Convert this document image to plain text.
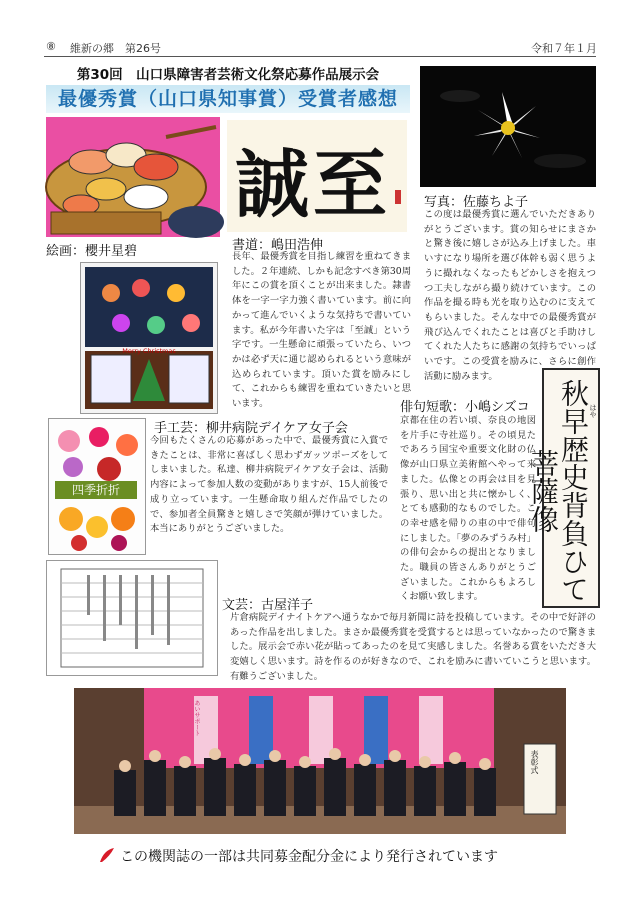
⑧ 維新の郷　第26号	令和７年１月
第30回　山口県障害者芸術文化祭応募作品展示会
最優秀賞（山口県知事賞）受賞者感想
絵画：櫻井星碧
誠至
書道：嶋田浩伸
長年、最優秀賞を目指し練習を重ねてきました。２年連続、しかも記念すべき第30周年にこの賞を頂くことが出来ました。隷書体を一字一字力強く書いています。前に向かって進んでいくような気持ちで書いています。私が今年書いた字は「至誠」という字です。一生懸命に頑張っていたら、いつかは必ず天に通じ認められるという意味が込められています。頂いた賞を励みにして、これからも練習を重ねていきたいと思います。
写真：佐藤ちよ子
この度は最優秀賞に選んでいただきありがとうございます。賞の知らせにまさかと驚き後に嬉しさが込み上げました。車いすになり場所を選び体幹も弱く思うように撮れなくなったもどかしさを抱えつつ工夫しながら撮り続けています。この作品を撮る時も光を取り込むのに支えてもらいました。そんな中での最優秀賞が飛び込んでくれたことは喜びと手助けしてくれた人たちに感謝の気持ちでいっぱいです。この受賞を励みに、さらに創作活動に励みます。
Merry Christmas
四季折折
手工芸：柳井病院デイケア女子会
今回もたくさんの応募があった中で、最優秀賞に入賞できたことは、非常に喜ばしく思わずガッツポーズをしてしまいました。私達、柳井病院デイケア女子会は、活動内容によって参加人数の変動がありますが、15人前後で成り立っています。一生懸命取り組んだ作品でしたので、参加者全員驚きと嬉しさで笑顔が弾けていました。本当にありがとうございました。
俳句短歌：小嶋シズコ
京都在住の若い頃、奈良の地図を片手に寺社巡り。その頃見たであろう国宝や重要文化財の仏像が山口県立美術館へやって来ました。仏像との再会は目を見張り、思い出と共に懐かしく、とても感動的なものでした。この幸せ感を帰りの車の中で俳句にしました。「夢のみずうみ村」の俳句会からの提出となりました。職員の皆さんありがとうございました。これからもよろしくお願い致します。	秋早歴史背負ひて菩薩像
はや
文芸：古屋洋子
片倉病院デイナイトケアへ通うなかで毎月新聞に詩を投稿しています。その中で好評のあった作品を出しました。まさか最優秀賞を受賞するとは思っていなかったので驚きました。展示会で赤い花が貼ってあったのを見て実感しました。名誉ある賞をいただき大変嬉しく思います。詩を作るのが好きなので、これを励みに書いていこうと思います。有難うございました。
表彰式
あいサポート
この機関誌の一部は共同募金配分金により発行されています
